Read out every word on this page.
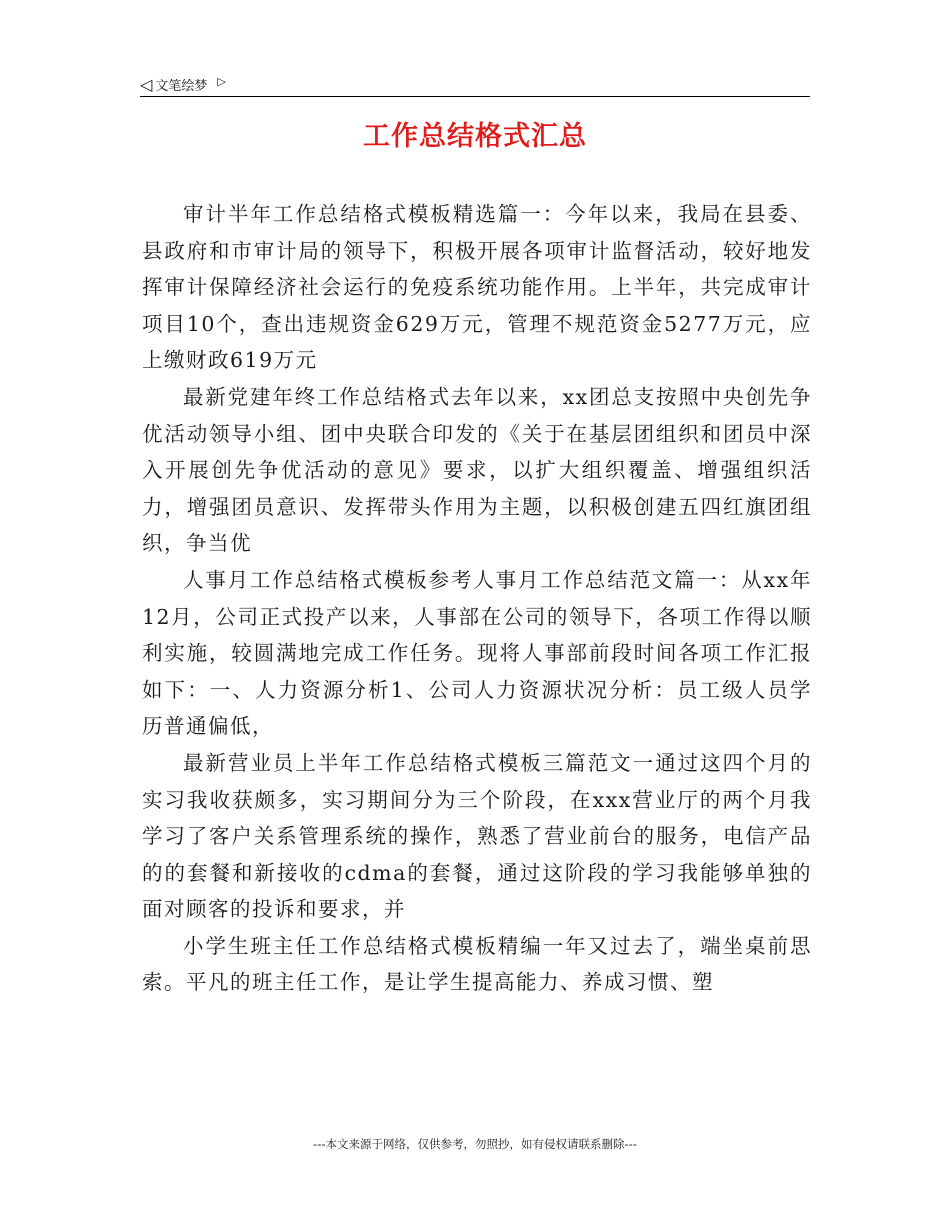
◁ 文笔绘梦 ▷
工作总结格式汇总

审计半年工作总结格式模板精选篇一：今年以来，我局在县委、县政府和市审计局的领导下，积极开展各项审计监督活动，较好地发挥审计保障经济社会运行的免疫系统功能作用。上半年，共完成审计项目10个，查出违规资金629万元，管理不规范资金5277万元，应上缴财政619万元

最新党建年终工作总结格式去年以来，xx团总支按照中央创先争优活动领导小组、团中央联合印发的《关于在基层团组织和团员中深入开展创先争优活动的意见》要求，以扩大组织覆盖、增强组织活力，增强团员意识、发挥带头作用为主题，以积极创建五四红旗团组织，争当优

人事月工作总结格式模板参考人事月工作总结范文篇一：从xx年12月，公司正式投产以来，人事部在公司的领导下，各项工作得以顺利实施，较圆满地完成工作任务。现将人事部前段时间各项工作汇报如下：一、人力资源分析1、公司人力资源状况分析：员工级人员学历普通偏低，

最新营业员上半年工作总结格式模板三篇范文一通过这四个月的实习我收获颇多，实习期间分为三个阶段，在xxx营业厅的两个月我学习了客户关系管理系统的操作，熟悉了营业前台的服务，电信产品的的套餐和新接收的cdma的套餐，通过这阶段的学习我能够单独的面对顾客的投诉和要求，并

小学生班主任工作总结格式模板精编一年又过去了，端坐桌前思索。平凡的班主任工作，是让学生提高能力、养成习惯、塑

---本文来源于网络，仅供参考，勿照抄，如有侵权请联系删除---
